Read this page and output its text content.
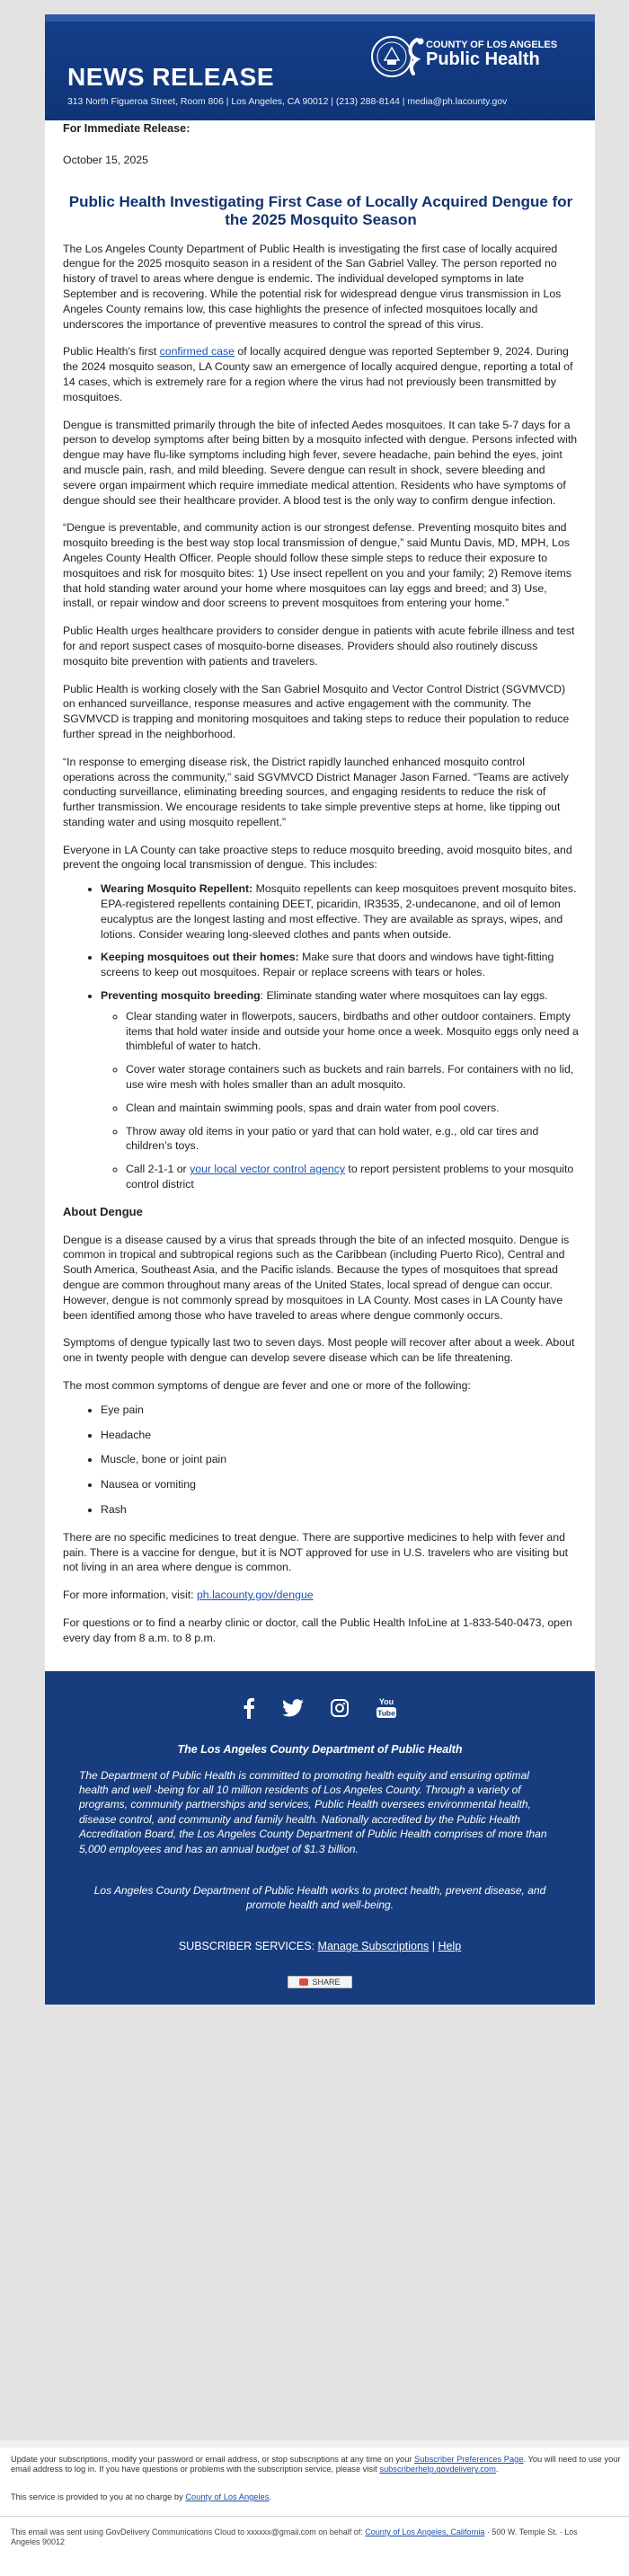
NEWS RELEASE
313 North Figueroa Street, Room 806 | Los Angeles, CA 90012 | (213) 288-8144 | media@ph.lacounty.gov
COUNTY OF LOS ANGELES
Public Health
For Immediate Release:
October 15, 2025
Public Health Investigating First Case of Locally Acquired Dengue for the 2025 Mosquito Season

The Los Angeles County Department of Public Health is investigating the first case of locally acquired dengue for the 2025 mosquito season in a resident of the San Gabriel Valley. The person reported no history of travel to areas where dengue is endemic. The individual developed symptoms in late September and is recovering. While the potential risk for widespread dengue virus transmission in Los Angeles County remains low, this case highlights the presence of infected mosquitoes locally and underscores the importance of preventive measures to control the spread of this virus.

Public Health's first confirmed case of locally acquired dengue was reported September 9, 2024. During the 2024 mosquito season, LA County saw an emergence of locally acquired dengue, reporting a total of 14 cases, which is extremely rare for a region where the virus had not previously been transmitted by mosquitoes.

Dengue is transmitted primarily through the bite of infected Aedes mosquitoes. It can take 5-7 days for a person to develop symptoms after being bitten by a mosquito infected with dengue. Persons infected with dengue may have flu-like symptoms including high fever, severe headache, pain behind the eyes, joint and muscle pain, rash, and mild bleeding. Severe dengue can result in shock, severe bleeding and severe organ impairment which require immediate medical attention. Residents who have symptoms of dengue should see their healthcare provider. A blood test is the only way to confirm dengue infection.

“Dengue is preventable, and community action is our strongest defense. Preventing mosquito bites and mosquito breeding is the best way stop local transmission of dengue,” said Muntu Davis, MD, MPH, Los Angeles County Health Officer. People should follow these simple steps to reduce their exposure to mosquitoes and risk for mosquito bites: 1) Use insect repellent on you and your family; 2) Remove items that hold standing water around your home where mosquitoes can lay eggs and breed; and 3) Use, install, or repair window and door screens to prevent mosquitoes from entering your home.”

Public Health urges healthcare providers to consider dengue in patients with acute febrile illness and test for and report suspect cases of mosquito-borne diseases. Providers should also routinely discuss mosquito bite prevention with patients and travelers.

Public Health is working closely with the San Gabriel Mosquito and Vector Control District (SGVMVCD) on enhanced surveillance, response measures and active engagement with the community. The SGVMVCD is trapping and monitoring mosquitoes and taking steps to reduce their population to reduce further spread in the neighborhood.

“In response to emerging disease risk, the District rapidly launched enhanced mosquito control operations across the community,” said SGVMVCD District Manager Jason Farned. “Teams are actively conducting surveillance, eliminating breeding sources, and engaging residents to reduce the risk of further transmission. We encourage residents to take simple preventive steps at home, like tipping out standing water and using mosquito repellent.”

Everyone in LA County can take proactive steps to reduce mosquito breeding, avoid mosquito bites, and prevent the ongoing local transmission of dengue. This includes:

• Wearing Mosquito Repellent: Mosquito repellents can keep mosquitoes prevent mosquito bites. EPA-registered repellents containing DEET, picaridin, IR3535, 2-undecanone, and oil of lemon eucalyptus are the longest lasting and most effective. They are available as sprays, wipes, and lotions. Consider wearing long-sleeved clothes and pants when outside.
• Keeping mosquitoes out their homes: Make sure that doors and windows have tight-fitting screens to keep out mosquitoes. Repair or replace screens with tears or holes.
• Preventing mosquito breeding: Eliminate standing water where mosquitoes can lay eggs.
◦ Clear standing water in flowerpots, saucers, birdbaths and other outdoor containers. Empty items that hold water inside and outside your home once a week. Mosquito eggs only need a thimbleful of water to hatch.
◦ Cover water storage containers such as buckets and rain barrels. For containers with no lid, use wire mesh with holes smaller than an adult mosquito.
◦ Clean and maintain swimming pools, spas and drain water from pool covers.
◦ Throw away old items in your patio or yard that can hold water, e.g., old car tires and children’s toys.
◦ Call 2-1-1 or your local vector control agency to report persistent problems to your mosquito control district
About Dengue

Dengue is a disease caused by a virus that spreads through the bite of an infected mosquito. Dengue is common in tropical and subtropical regions such as the Caribbean (including Puerto Rico), Central and South America, Southeast Asia, and the Pacific islands. Because the types of mosquitoes that spread dengue are common throughout many areas of the United States, local spread of dengue can occur. However, dengue is not commonly spread by mosquitoes in LA County. Most cases in LA County have been identified among those who have traveled to areas where dengue commonly occurs.

Symptoms of dengue typically last two to seven days. Most people will recover after about a week. About one in twenty people with dengue can develop severe disease which can be life threatening.

The most common symptoms of dengue are fever and one or more of the following:

• Eye pain
• Headache
• Muscle, bone or joint pain
• Nausea or vomiting
• Rash

There are no specific medicines to treat dengue. There are supportive medicines to help with fever and pain. There is a vaccine for dengue, but it is NOT approved for use in U.S. travelers who are visiting but not living in an area where dengue is common.

For more information, visit: ph.lacounty.gov/dengue

For questions or to find a nearby clinic or doctor, call the Public Health InfoLine at 1-833-540-0473, open every day from 8 a.m. to 8 p.m.

You
Tube
The Los Angeles County Department of Public Health

The Department of Public Health is committed to promoting health equity and ensuring optimal health and well -being for all 10 million residents of Los Angeles County. Through a variety of programs, community partnerships and services, Public Health oversees environmental health, disease control, and community and family health. Nationally accredited by the Public Health Accreditation Board, the Los Angeles County Department of Public Health comprises of more than 5,000 employees and has an annual budget of $1.3 billion.

Los Angeles County Department of Public Health works to protect health, prevent disease, and promote health and well-being.

SUBSCRIBER SERVICES: Manage Subscriptions | Help
SHARE

Update your subscriptions, modify your password or email address, or stop subscriptions at any time on your Subscriber Preferences Page. You will need to use your email address to log in. If you have questions or problems with the subscription service, please visit subscriberhelp.govdelivery.com.

This service is provided to you at no charge by County of Los Angeles.

This email was sent using GovDelivery Communications Cloud to xxxxxx@gmail.com on behalf of: County of Los Angeles, California · 500 W. Temple St. · Los Angeles 90012
